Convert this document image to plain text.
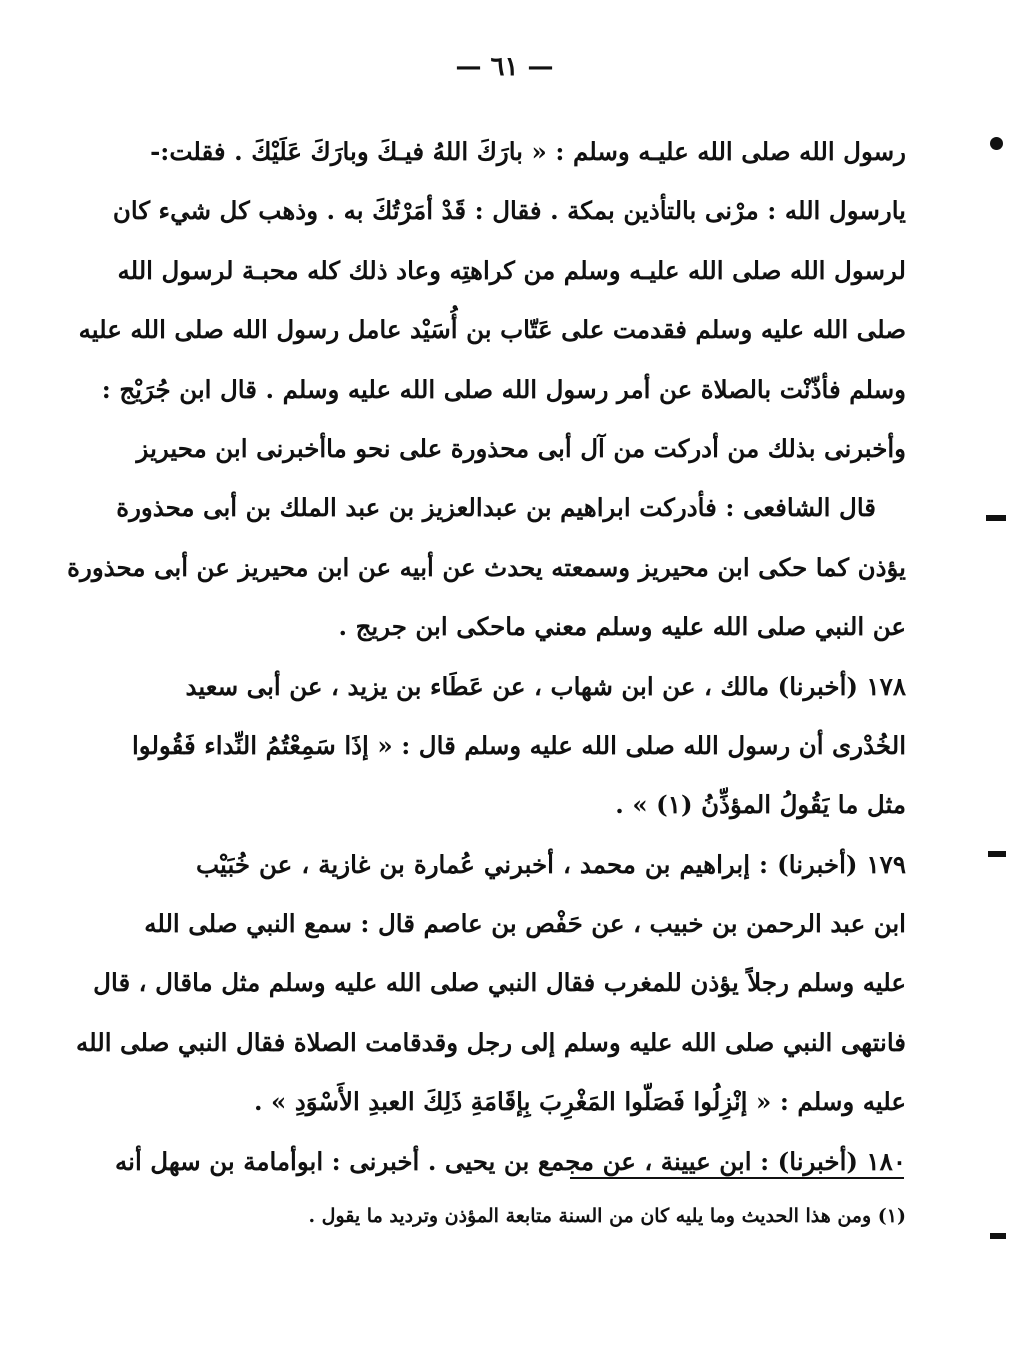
— ٦١ —
رسول الله صلى الله عليـه وسلم : « بارَكَ اللهُ فيـكَ وبارَكَ عَلَيْكَ . فقلت:-
يارسول الله : مرْنى بالتأذين بمكة . فقال : قَدْ أمَرْتُكَ به . وذهب كل شيء كان
لرسول الله صلى الله عليـه وسلم من كراهتِه وعاد ذلك كله محبـة لرسول الله
صلى الله عليه وسلم فقدمت على عَتّاب بن أُسَيْد عامل رسول الله صلى الله عليه
وسلم فأذّنْت بالصلاة عن أمر رسول الله صلى الله عليه وسلم . قال ابن جُرَيْج :
وأخبرنى بذلك من أدركت من آل أبى محذورة على نحو ماأخبرنى ابن محيريز
قال الشافعى : فأدركت ابراهيم بن عبدالعزيز بن عبد الملك بن أبى محذورة
يؤذن كما حكى ابن محيريز وسمعته يحدث عن أبيه عن ابن محيريز عن أبى محذورة
عن النبي صلى الله عليه وسلم معني ماحكى ابن جريج .
١٧٨ (أخبرنا) مالك ، عن ابن شهاب ، عن عَطَاء بن يزيد ، عن أبى سعيد
الخُدْرى أن رسول الله صلى الله عليه وسلم قال : « إذَا سَمِعْتُمُ النِّداء فَقُولوا
مثل ما يَقُولُ المؤذِّنُ (١) » .
١٧٩ (أخبرنا) : إبراهيم بن محمد ، أخبرني عُمارة بن غازية ، عن خُبَيْب
ابن عبد الرحمن بن خبيب ، عن حَفْص بن عاصم قال : سمع النبي صلى الله
عليه وسلم رجلاً يؤذن للمغرب فقال النبي صلى الله عليه وسلم مثل ماقال ، قال
فانتهى النبي صلى الله عليه وسلم إلى رجل وقدقامت الصلاة فقال النبي صلى الله
عليه وسلم : « إنْزِلُوا فَصَلّوا المَغْرِبَ بِإقَامَةِ ذَلِكَ العبدِ الأَسْوَدِ » .
١٨٠ (أخبرنا) : ابن عيينة ، عن مجمع بن يحيى . أخبرنى : ابوأمامة بن سهل أنه
(١) ومن هذا الحديث وما يليه كان من السنة متابعة المؤذن وترديد ما يقول .
